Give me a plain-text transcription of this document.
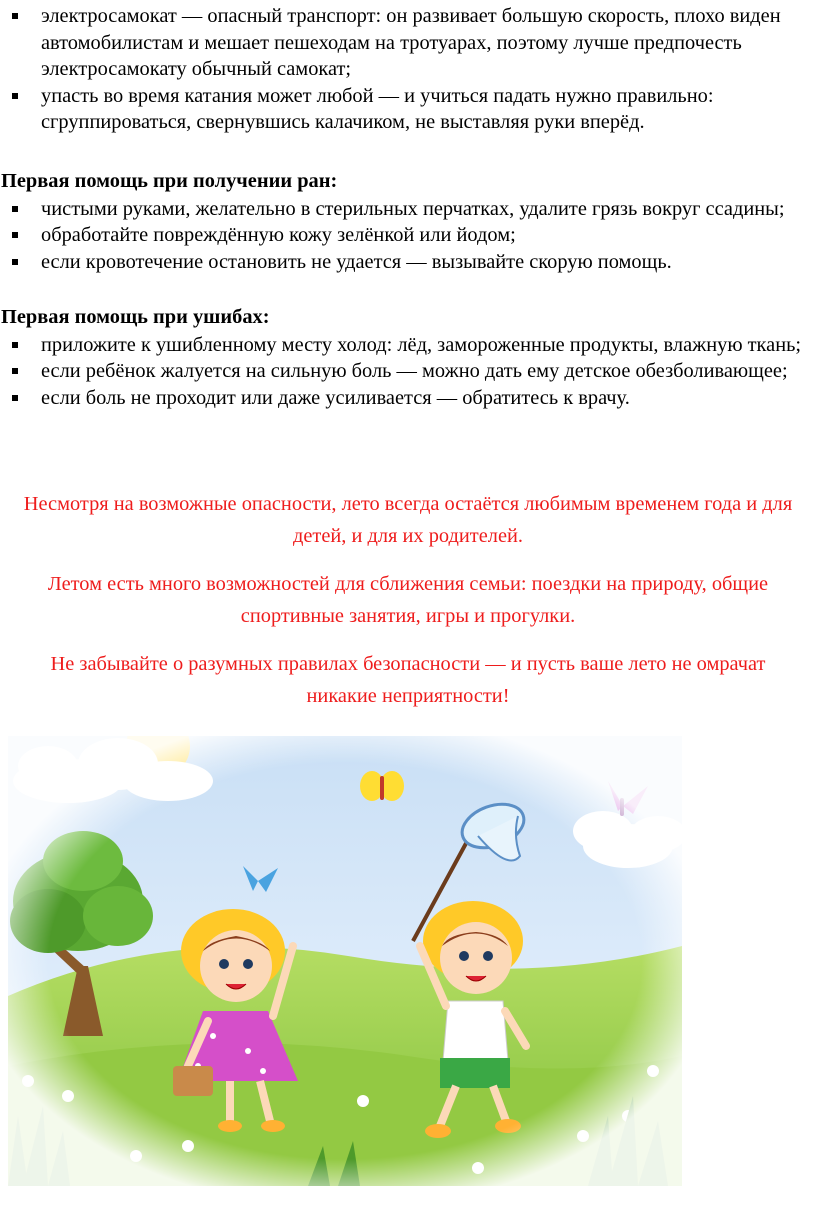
электросамокат — опасный транспорт: он развивает большую скорость, плохо виден автомобилистам и мешает пешеходам на тротуарах, поэтому лучше предпочесть электросамокату обычный самокат;
упасть во время катания может любой — и учиться падать нужно правильно: сгруппироваться, свернувшись калачиком, не выставляя руки вперёд.
Первая помощь при получении ран:
чистыми руками, желательно в стерильных перчатках, удалите грязь вокруг ссадины;
обработайте повреждённую кожу зелёнкой или йодом;
если кровотечение остановить не удается — вызывайте скорую помощь.
Первая помощь при ушибах:
приложите к ушибленному месту холод: лёд, замороженные продукты, влажную ткань;
если ребёнок жалуется на сильную боль — можно дать ему детское обезболивающее;
если боль не проходит или даже усиливается — обратитесь к врачу.

Несмотря на возможные опасности, лето всегда остаётся любимым временем года и для детей, и для их родителей.

Летом есть много возможностей для сближения семьи: поездки на природу, общие спортивные занятия, игры и прогулки.

Не забывайте о разумных правилах безопасности — и пусть ваше лето не омрачат никакие неприятности!
